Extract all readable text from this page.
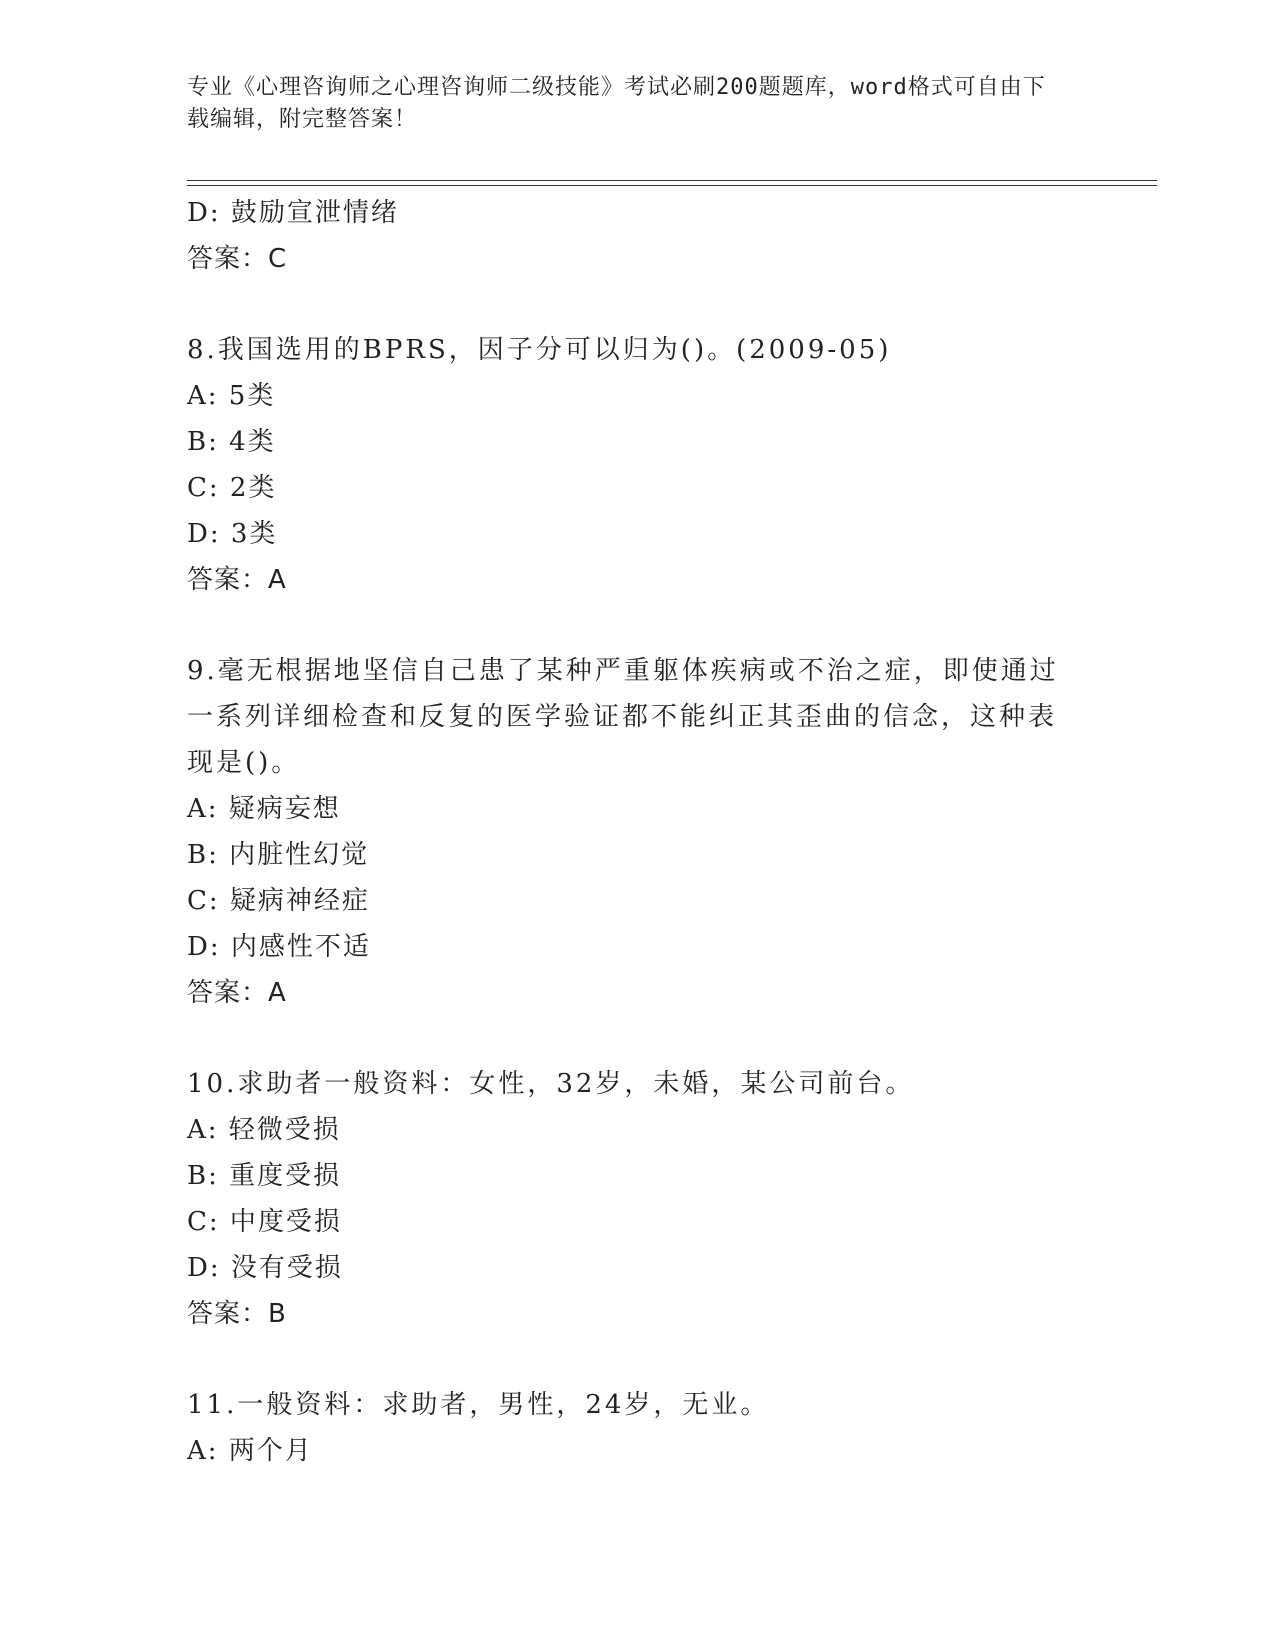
专业《心理咨询师之心理咨询师二级技能》考试必刷200题题库，word格式可自由下载编辑，附完整答案！
D: 鼓励宣泄情绪
答案：C
8.我国选用的BPRS，因子分可以归为()。(2009-05)
A: 5类
B: 4类
C: 2类
D: 3类
答案：A
9.毫无根据地坚信自己患了某种严重躯体疾病或不治之症，即使通过一系列详细检查和反复的医学验证都不能纠正其歪曲的信念，这种表现是()。
A: 疑病妄想
B: 内脏性幻觉
C: 疑病神经症
D: 内感性不适
答案：A
10.求助者一般资料：女性，32岁，未婚，某公司前台。
A: 轻微受损
B: 重度受损
C: 中度受损
D: 没有受损
答案：B
11.一般资料：求助者，男性，24岁，无业。
A: 两个月
